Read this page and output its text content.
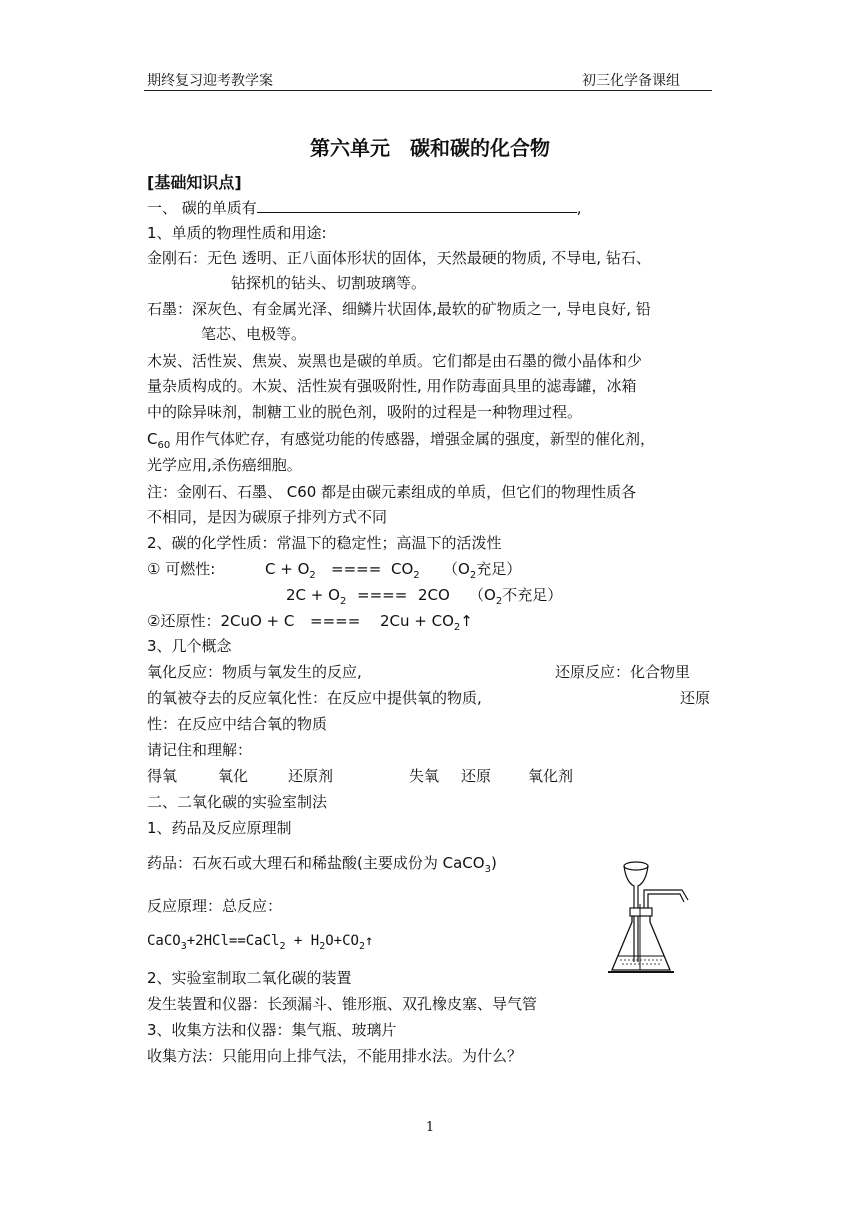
期终复习迎考教学案	初三化学备课组
第六单元　碳和碳的化合物
[基础知识点]
一、 碳的单质有	,
1、单质的物理性质和用途:
金刚石：无色 透明、正八面体形状的固体，天然最硬的物质, 不导电, 钻石、
钻探机的钻头、切割玻璃等。
石墨：深灰色、有金属光泽、细鳞片状固体,最软的矿物质之一, 导电良好, 铅
笔芯、电极等。
木炭、活性炭、焦炭、炭黑也是碳的单质。它们都是由石墨的微小晶体和少
量杂质构成的。木炭、活性炭有强吸附性, 用作防毒面具里的滤毒罐，冰箱
中的除异味剂，制糖工业的脱色剂，吸附的过程是一种物理过程。
$C_{60}$ 用作气体贮存，有感觉功能的传感器，增强金属的强度，新型的催化剂，
光学应用,杀伤癌细胞。
注：金刚石、石墨、 C60 都是由碳元素组成的单质，但它们的物理性质各
不相同，是因为碳原子排列方式不同
2、碳的化学性质：常温下的稳定性；高温下的活泼性
① 可燃性:	$C + O_2$ ==== $CO_2$ （$O_2$充足）
$2C + O_2$ ==== 2CO （$O_2$不充足）
②还原性：2CuO + C ==== $2Cu + CO_2↑$
3、几个概念
氧化反应：物质与氧发生的反应,	还原反应：化合物里
的氧被夺去的反应氧化性：在反应中提供氧的物质,	还原
性：在反应中结合氧的物质
请记住和理解：
得氧	氧化	还原剂	失氧 还原 氧化剂
二、二氧化碳的实验室制法
1、药品及反应原理制
药品：石灰石或大理石和稀盐酸(主要成份为 CaCO$_3$)
反应原理：总反应：
CaCO$_3$+2HCl==CaCl$_2$ + $H_2O+CO_2↑$
2、实验室制取二氧化碳的装置
发生装置和仪器：长颈漏斗、锥形瓶、双孔橡皮塞、导气管
3、收集方法和仪器：集气瓶、玻璃片
收集方法：只能用向上排气法，不能用排水法。为什么？
1
